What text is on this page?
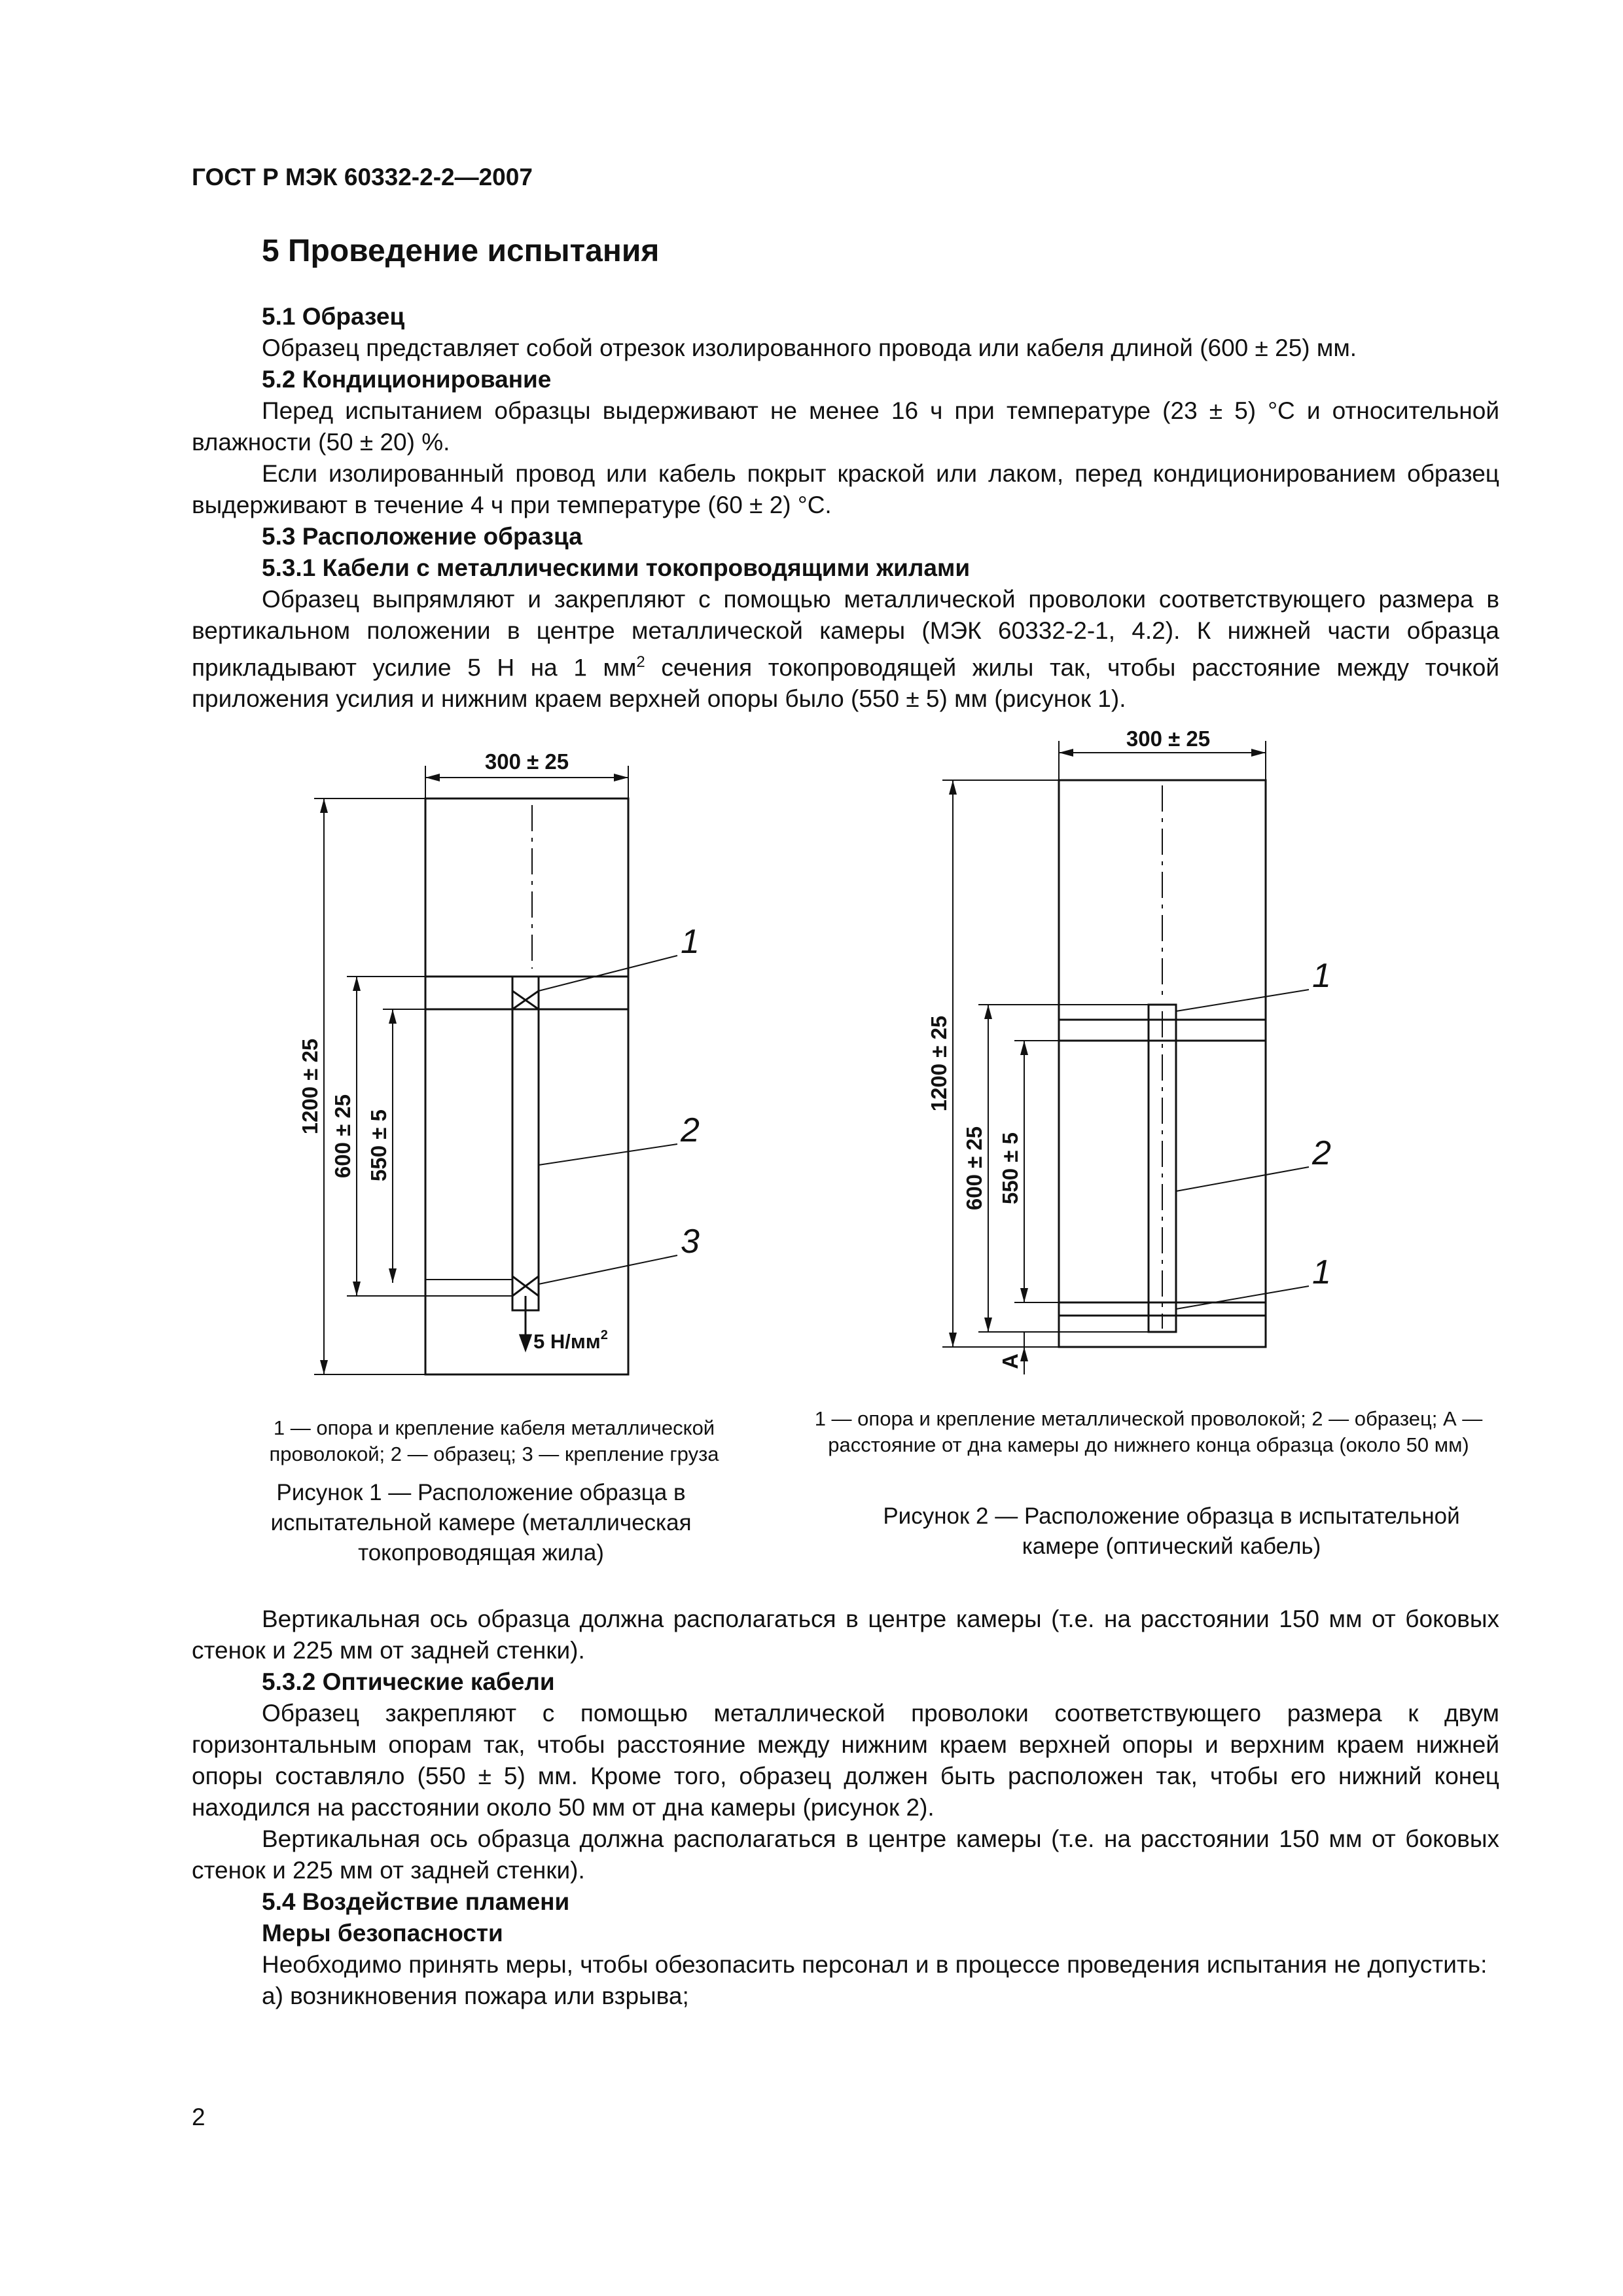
ГОСТ Р МЭК 60332-2-2—2007
5 Проведение испытания

5.1 Образец

Образец представляет собой отрезок изолированного провода или кабеля длиной (600 ± 25) мм.

5.2 Кондиционирование

Перед испытанием образцы выдерживают не менее 16 ч при температуре (23 ± 5) °С и относительной влажности (50 ± 20) %.

Если изолированный провод или кабель покрыт краской или лаком, перед кондиционированием образец выдерживают в течение 4 ч при температуре (60 ± 2) °С.

5.3 Расположение образца

5.3.1 Кабели с металлическими токопроводящими жилами

Образец выпрямляют и закрепляют с помощью металлической проволоки соответствующего размера в вертикальном положении в центре металлической камеры (МЭК 60332-2-1, 4.2). К нижней части образца прикладывают усилие 5 Н на 1 $мм^2$ сечения токопроводящей жилы так, чтобы расстояние между точкой приложения усилия и нижним краем верхней опоры было (550 ± 5) мм (рисунок 1).

300 ± 25
1200 ± 25
600 ± 25 550 ± 5
300 ± 25
1200 ± 25
600 ± 25 550 ± 5
A
1
2
3
1
2
1
5 $Н/мм^2$
1 — опора и крепление кабеля металлической проволокой; 2 — образец; 3 — крепление груза
Рисунок 1 — Расположение образца в испытательной камере (металлическая токопроводящая жила)
1 — опора и крепление металлической проволокой; 2 — образец; А — расстояние от дна камеры до нижнего конца образца (около 50 мм)
Рисунок 2 — Расположение образца в испытательной камере (оптический кабель)

Вертикальная ось образца должна располагаться в центре камеры (т.е. на расстоянии 150 мм от боковых стенок и 225 мм от задней стенки).

5.3.2 Оптические кабели

Образец закрепляют с помощью металлической проволоки соответствующего размера к двум горизонтальным опорам так, чтобы расстояние между нижним краем верхней опоры и верхним краем нижней опоры составляло (550 ± 5) мм. Кроме того, образец должен быть расположен так, чтобы его нижний конец находился на расстоянии около 50 мм от дна камеры (рисунок 2).

Вертикальная ось образца должна располагаться в центре камеры (т.е. на расстоянии 150 мм от боковых стенок и 225 мм от задней стенки).

5.4 Воздействие пламени

Меры безопасности

Необходимо принять меры, чтобы обезопасить персонал и в процессе проведения испытания не допустить:

а) возникновения пожара или взрыва;

2
